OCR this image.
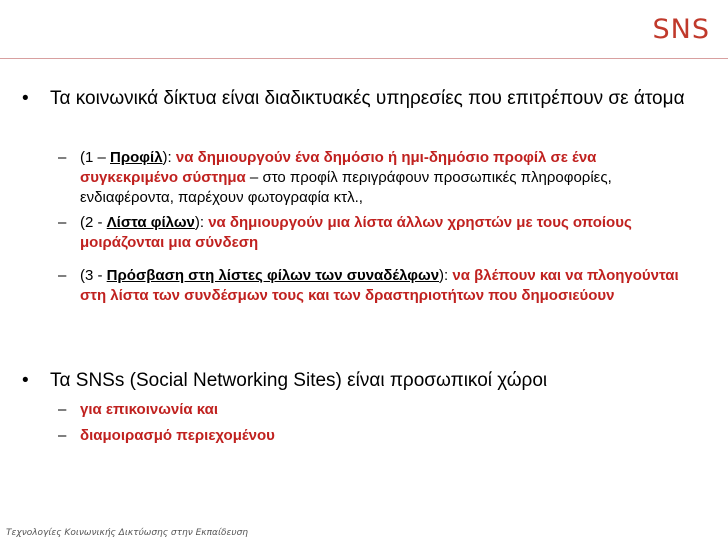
SNS
• Τα κοινωνικά δίκτυα είναι διαδικτυακές υπηρεσίες που επιτρέπουν σε άτομα
– (1 – Προφίλ): να δημιουργούν ένα δημόσιο ή ημι-δημόσιο προφίλ σε ένα συγκεκριμένο σύστημα – στο προφίλ περιγράφουν προσωπικές πληροφορίες, ενδιαφέροντα, παρέχουν φωτογραφία κτλ.,
– (2 - Λίστα φίλων): να δημιουργούν μια λίστα άλλων χρηστών με τους οποίους μοιράζονται μια σύνδεση
– (3 - Πρόσβαση στη λίστες φίλων των συναδέλφων): να βλέπουν και να πλοηγούνται στη λίστα των συνδέσμων τους και των δραστηριοτήτων που δημοσιεύουν
• Τα SNSs (Social Networking Sites) είναι προσωπικοί χώροι
– για επικοινωνία και
– διαμοιρασμό περιεχομένου
Τεχνολογίες Κοινωνικής Δικτύωσης στην Εκπαίδευση
